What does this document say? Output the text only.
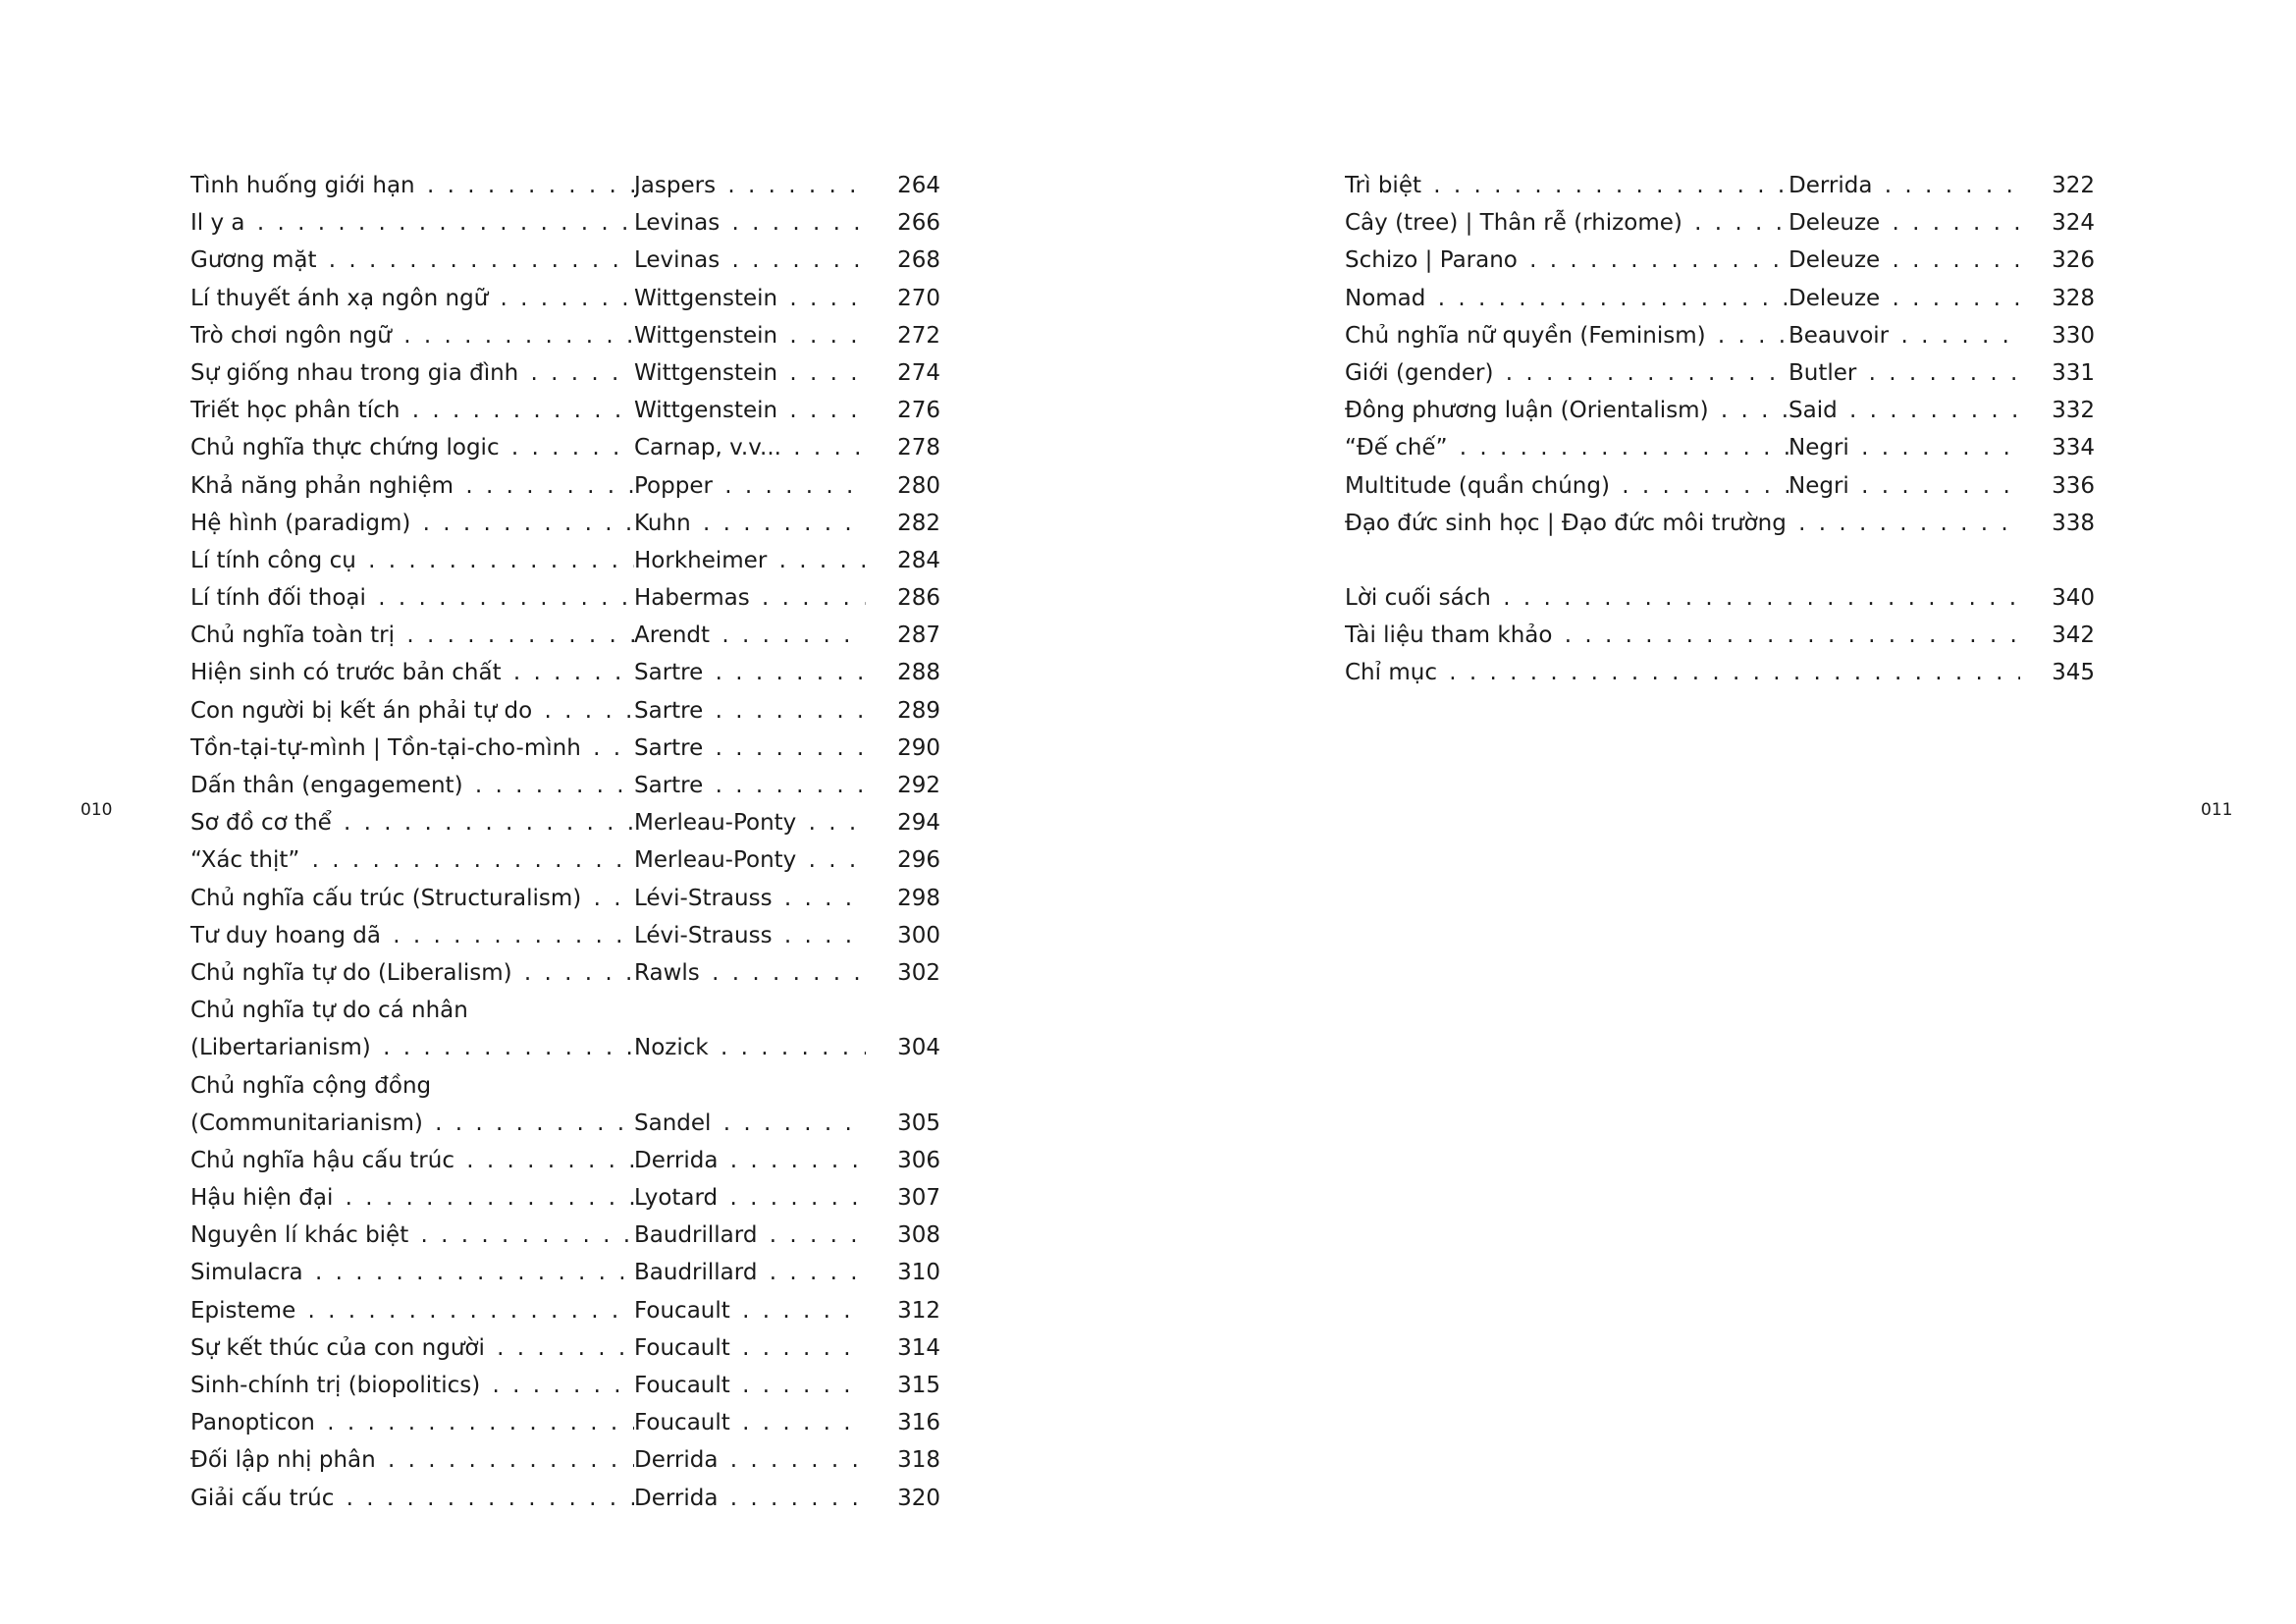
Tình huống giới hạn . . .	Jaspers . . .	264
Il y a . . .	Levinas . . .	266
Gương mặt . . .	Levinas . . .	268
Lí thuyết ánh xạ ngôn ngữ . . .	Wittgenstein . . .	270
Trò chơi ngôn ngữ . . .	Wittgenstein . . .	272
Sự giống nhau trong gia đình . . .	Wittgenstein . . .	274
Triết học phân tích . . .	Wittgenstein . . .	276
Chủ nghĩa thực chứng logic . . .	Carnap, v.v... . . .	278
Khả năng phản nghiệm . . .	Popper . . .	280
Hệ hình (paradigm) . . .	Kuhn . . .	282
Lí tính công cụ . . .	Horkheimer . . .	284
Lí tính đối thoại . . .	Habermas . . .	286
Chủ nghĩa toàn trị . . .	Arendt . . .	287
Hiện sinh có trước bản chất . . .	Sartre . . .	288
Con người bị kết án phải tự do . . .	Sartre . . .	289
Tồn-tại-tự-mình | Tồn-tại-cho-mình . . .	Sartre . . .	290
Dấn thân (engagement) . . .	Sartre . . .	292
Sơ đồ cơ thể . . .	Merleau-Ponty . . .	294
“Xác thịt” . . .	Merleau-Ponty . . .	296
Chủ nghĩa cấu trúc (Structuralism) . . .	Lévi-Strauss . . .	298
Tư duy hoang dã . . .	Lévi-Strauss . . .	300
Chủ nghĩa tự do (Liberalism) . . .	Rawls . . .	302
Chủ nghĩa tự do cá nhân
(Libertarianism) . . .	Nozick . . .	304
Chủ nghĩa cộng đồng
(Communitarianism) . . .	Sandel . . .	305
Chủ nghĩa hậu cấu trúc . . .	Derrida . . .	306
Hậu hiện đại . . .	Lyotard . . .	307
Nguyên lí khác biệt . . .	Baudrillard . . .	308
Simulacra . . .	Baudrillard . . .	310
Episteme . . .	Foucault . . .	312
Sự kết thúc của con người . . .	Foucault . . .	314
Sinh-chính trị (biopolitics) . . .	Foucault . . .	315
Panopticon . . .	Foucault . . .	316
Đối lập nhị phân . . .	Derrida . . .	318
Giải cấu trúc . . .	Derrida . . .	320
010
Trì biệt . . .	Derrida . . .	322
Cây (tree) | Thân rễ (rhizome) . . .	Deleuze . . .	324
Schizo | Parano . . .	Deleuze . . .	326
Nomad . . .	Deleuze . . .	328
Chủ nghĩa nữ quyền (Feminism) . . .	Beauvoir . . .	330
Giới (gender) . . .	Butler . . .	331
Đông phương luận (Orientalism) . . .	Said . . .	332
“Đế chế” . . .	Negri . . .	334
Multitude (quần chúng) . . .	Negri . . .	336
Đạo đức sinh học | Đạo đức môi trường . . .	338
Lời cuối sách . . .	340
Tài liệu tham khảo . . .	342
Chỉ mục . . .	345
011
